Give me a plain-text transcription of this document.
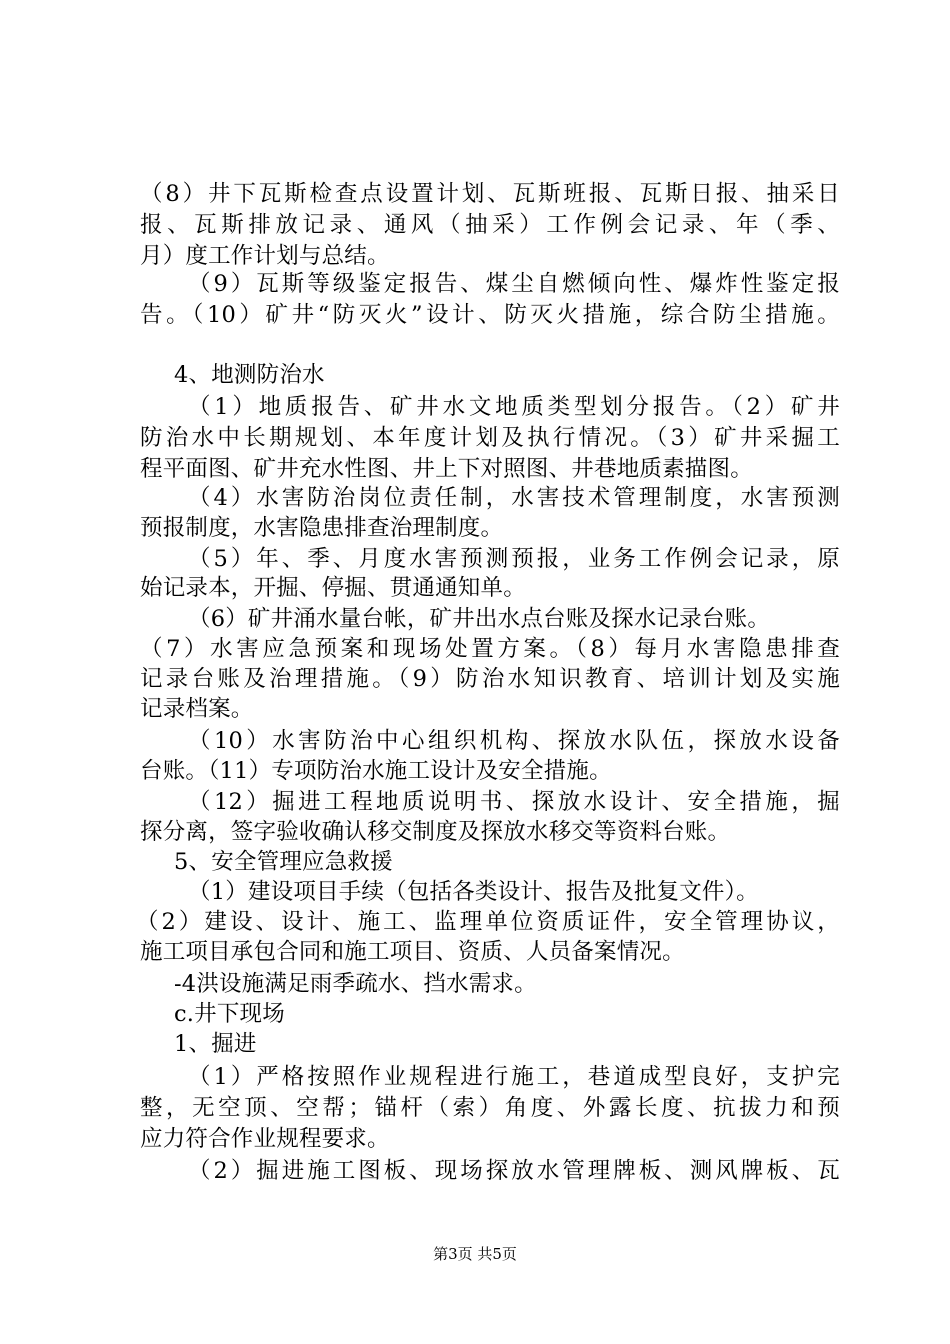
（8）井下瓦斯检查点设置计划、瓦斯班报、瓦斯日报、抽采日
报、瓦斯排放记录、通风（抽采）工作例会记录、年（季、
月）度工作计划与总结。
（9）瓦斯等级鉴定报告、煤尘自燃倾向性、爆炸性鉴定报
告。（10）矿井“防灭火”设计、防灭火措施，综合防尘措施。
4、地测防治水
（1）地质报告、矿井水文地质类型划分报告。（2）矿井
防治水中长期规划、本年度计划及执行情况。（3）矿井采掘工
程平面图、矿井充水性图、井上下对照图、井巷地质素描图。
（4）水害防治岗位责任制，水害技术管理制度，水害预测
预报制度，水害隐患排查治理制度。
（5）年、季、月度水害预测预报，业务工作例会记录，原
始记录本，开掘、停掘、贯通通知单。
（6）矿井涌水量台帐，矿井出水点台账及探水记录台账。
（7）水害应急预案和现场处置方案。（8）每月水害隐患排查
记录台账及治理措施。（9）防治水知识教育、培训计划及实施
记录档案。
（10）水害防治中心组织机构、探放水队伍，探放水设备
台账。（11）专项防治水施工设计及安全措施。
（12）掘进工程地质说明书、探放水设计、安全措施，掘
探分离，签字验收确认移交制度及探放水移交等资料台账。
5、安全管理应急救援
（1）建设项目手续（包括各类设计、报告及批复文件）。
（2）建设、设计、施工、监理单位资质证件，安全管理协议，
施工项目承包合同和施工项目、资质、人员备案情况。
-4洪设施满足雨季疏水、挡水需求。
c.井下现场
1、掘进
（1）严格按照作业规程进行施工，巷道成型良好，支护完
整，无空顶、空帮；锚杆（索）角度、外露长度、抗拔力和预
应力符合作业规程要求。
（2）掘进施工图板、现场探放水管理牌板、测风牌板、瓦
第3页 共5页
